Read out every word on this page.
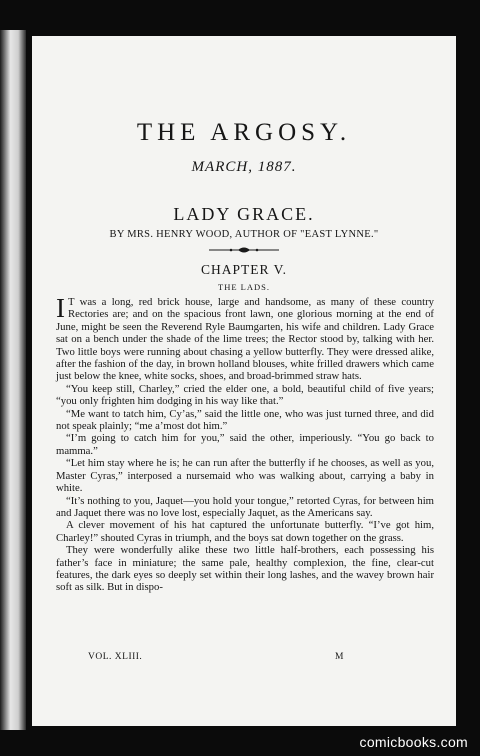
THE ARGOSY.
MARCH, 1887.
LADY GRACE.
BY MRS. HENRY WOOD, AUTHOR OF "EAST LYNNE."
CHAPTER V.
THE LADS.

I T was a long, red brick house, large and handsome, as many of these country Rectories are; and on the spacious front lawn, one glorious morning at the end of June, might be seen the Reverend Ryle Baumgarten, his wife and children. Lady Grace sat on a bench under the shade of the lime trees; the Rector stood by, talking with her. Two little boys were running about chasing a yellow butterfly. They were dressed alike, after the fashion of the day, in brown holland blouses, white frilled drawers which came just below the knee, white socks, shoes, and broad-brimmed straw hats.

“You keep still, Charley,” cried the elder one, a bold, beautiful child of five years; “you only frighten him dodging in his way like that.”

“Me want to tatch him, Cy’as,” said the little one, who was just turned three, and did not speak plainly; “me a’most dot him.”

“I’m going to catch him for you,” said the other, imperiously. “You go back to mamma.”

“Let him stay where he is; he can run after the butterfly if he chooses, as well as you, Master Cyras,” interposed a nursemaid who was walking about, carrying a baby in white.

“It’s nothing to you, Jaquet—you hold your tongue,” retorted Cyras, for between him and Jaquet there was no love lost, especially Jaquet, as the Americans say.

A clever movement of his hat captured the unfortunate butterfly. “I’ve got him, Charley!” shouted Cyras in triumph, and the boys sat down together on the grass.

They were wonderfully alike these two little half-brothers, each possessing his father’s face in miniature; the same pale, healthy complexion, the fine, clear-cut features, the dark eyes so deeply set within their long lashes, and the wavey brown hair soft as silk. But in dispo-

VOL. XLIII.	M
comicbooks.com
